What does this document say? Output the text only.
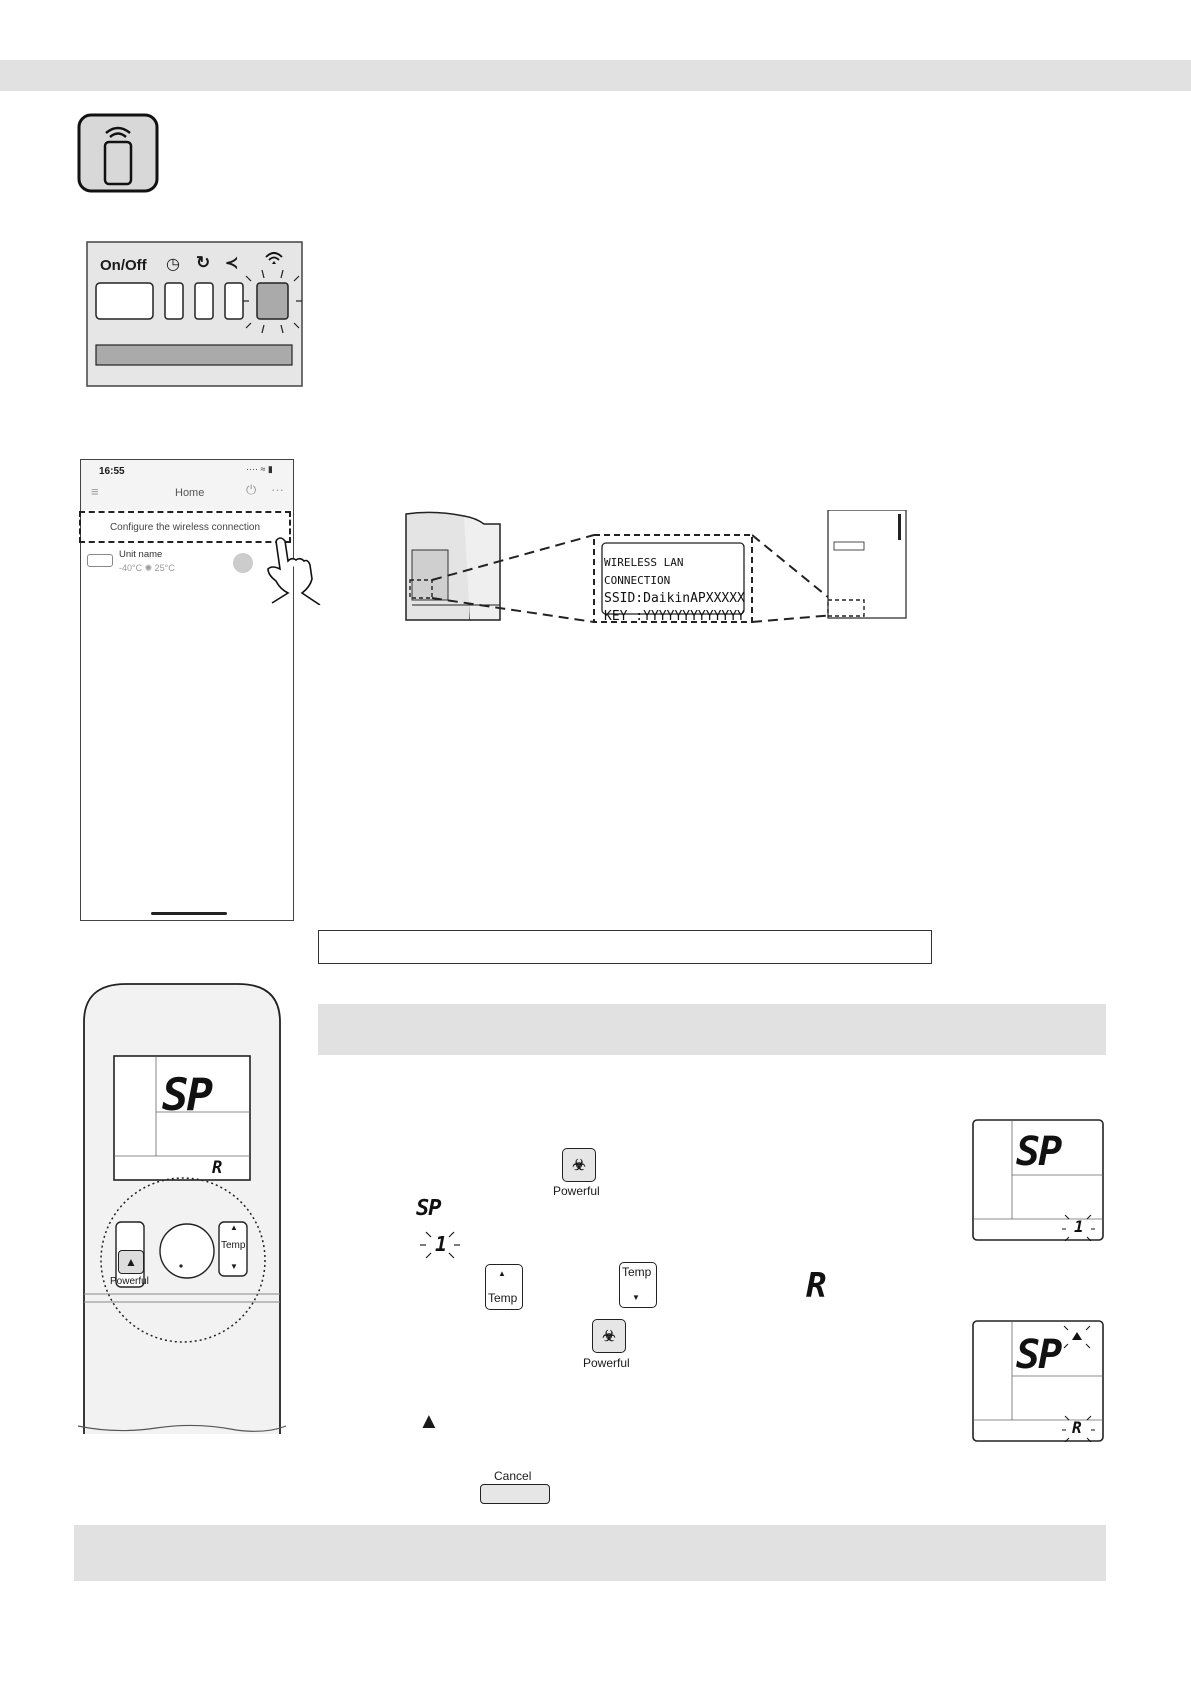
On/Off ◷ ↻ ≺
16:55	···· ≈ ▮
≡	Home	⏻ ···
Configure the wireless connection
Unit name
-40°C ✺ 25°C	WIRELESS LAN CONNECTION
SSID:DaikinAPXXXXX
KEY :YYYYYYYYYYYYY
SP
R
▲
Powerful
▲
Temp
▼
☣
Powerful
SP
1
▲
Temp
Temp
▼	R
☣
Powerful
▲
Cancel
SP
1
SP
R
